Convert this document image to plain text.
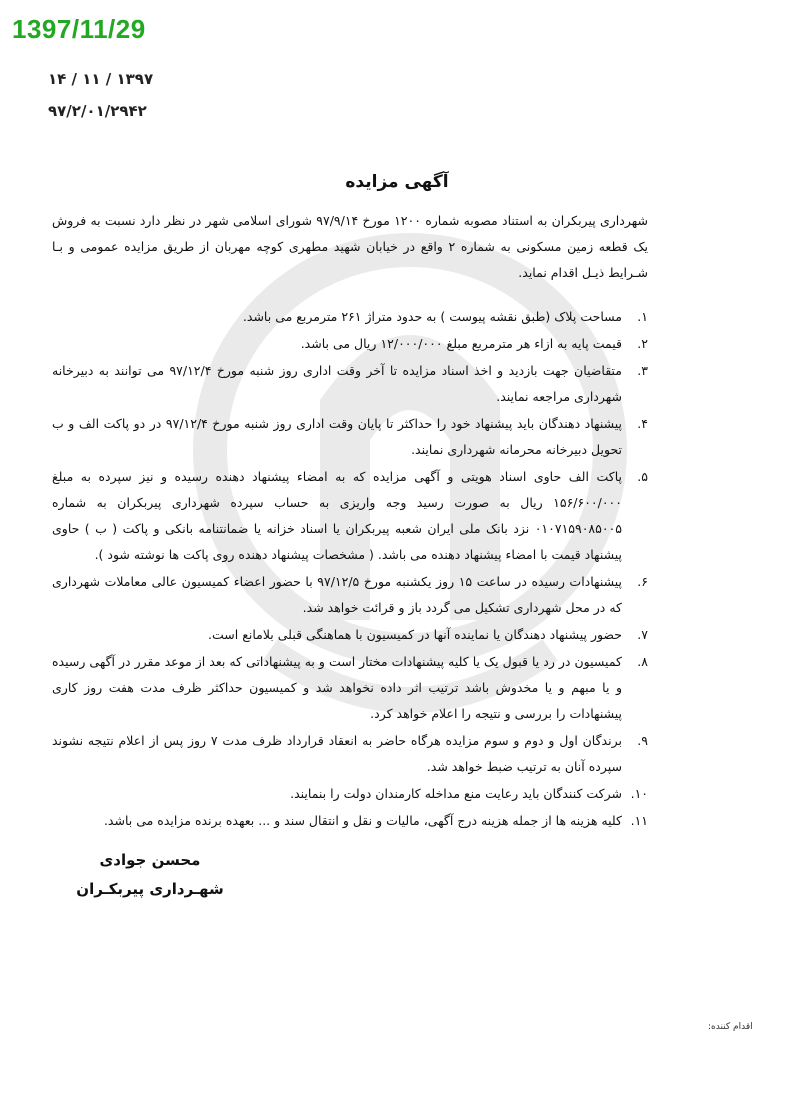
1397/11/29
۱۳۹۷ / ۱۱ / ۱۴
۹۷/۲/۰۱/۲۹۴۲
آگهی مزایده

شهرداری پیربکران به استناد مصوبه شماره ۱۲۰۰ مورخ ۹۷/۹/۱۴ شورای اسلامی شهر در نظر دارد نسبت به فروش یک قطعه زمین مسکونی به شماره ۲ واقع در خیابان شهید مطهری کوچه مهربان از طریق مزایده عمومی و بـا شـرایط ذیـل اقدام نماید.

۱.
مساحت پلاک (طبق نقشه پیوست ) به حدود متراژ ۲۶۱ مترمربع می باشد.
۲.
قیمت پایه به ازاء هر مترمربع مبلغ ۱۲/۰۰۰/۰۰۰ ریال می باشد.
۳.
متقاضیان جهت بازدید و اخذ اسناد مزایده تا آخر وقت اداری روز شنبه مورخ ۹۷/۱۲/۴ می توانند به دبیرخانه شهرداری مراجعه نمایند.
۴.
پیشنهاد دهندگان باید پیشنهاد خود را حداکثر تا پایان وقت اداری روز شنبه مورخ ۹۷/۱۲/۴ در دو پاکت الف و ب تحویل دبیرخانه محرمانه شهرداری نمایند.
۵.
پاکت الف حاوی اسناد هویتی و آگهی مزایده که به امضاء پیشنهاد دهنده رسیده و نیز سپرده به مبلغ ۱۵۶/۶۰۰/۰۰۰ ریال به صورت رسید وجه واریزی به حساب سپرده شهرداری پیربکران به شماره ۰۱۰۷۱۵۹۰۸۵۰۰۵ نزد بانک ملی ایران شعبه پیربکران یا اسناد خزانه یا ضمانتنامه بانکی و پاکت ( ب ) حاوی پیشنهاد قیمت با امضاء پیشنهاد دهنده می باشد. ( مشخصات پیشنهاد دهنده روی پاکت ها نوشته شود ).
۶.
پیشنهادات رسیده در ساعت ۱۵ روز یکشنبه مورخ ۹۷/۱۲/۵ با حضور اعضاء کمیسیون عالی معاملات شهرداری که در محل شهرداری تشکیل می گردد باز و قرائت خواهد شد.
۷.
حضور پیشنهاد دهندگان یا نماینده آنها در کمیسیون با هماهنگی قبلی بلامانع است.
۸.
کمیسیون در رد یا قبول یک یا کلیه پیشنهادات مختار است و به پیشنهاداتی که بعد از موعد مقرر در آگهی رسیده و یا مبهم و یا مخدوش باشد ترتیب اثر داده نخواهد شد و کمیسیون حداکثر ظرف مدت هفت روز کاری پیشنهادات را بررسی و نتیجه را اعلام خواهد کرد.
۹.
برندگان اول و دوم و سوم مزایده هرگاه حاضر به انعقاد قرارداد ظرف مدت ۷ روز پس از اعلام نتیجه نشوند سپرده آنان به ترتیب ضبط خواهد شد.
۱۰.
شرکت کنندگان باید رعایت منع مداخله کارمندان دولت را بنمایند.
۱۱.
کلیه هزینه ها از جمله هزینه درج آگهی، مالیات و نقل و انتقال سند و ... بعهده برنده مزایده می باشد.
محسن جوادی
شهـرداری پیربکـران
اقدام کننده:
